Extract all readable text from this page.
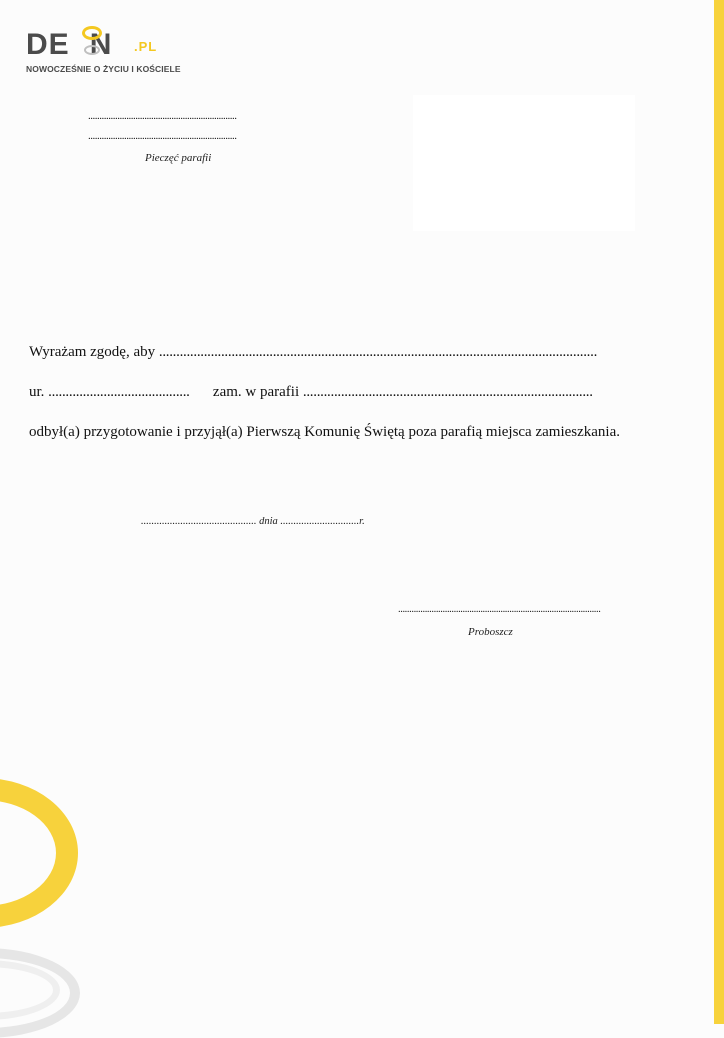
DE N .PL
NOWOCZEŚNIE O ŻYCIU I KOŚCIELE
..................................................................
..................................................................
Pieczęć parafii
Wyrażam zgodę, aby ...............................................................................................................................
ur. ......................................... zam. w parafii ....................................................................................
odbył(a) przygotowanie i przyjął(a) Pierwszą Komunię Świętą poza parafią miejsca zamieszkania.
............................................ dnia ..............................r.
...........................................................................................
Proboszcz
